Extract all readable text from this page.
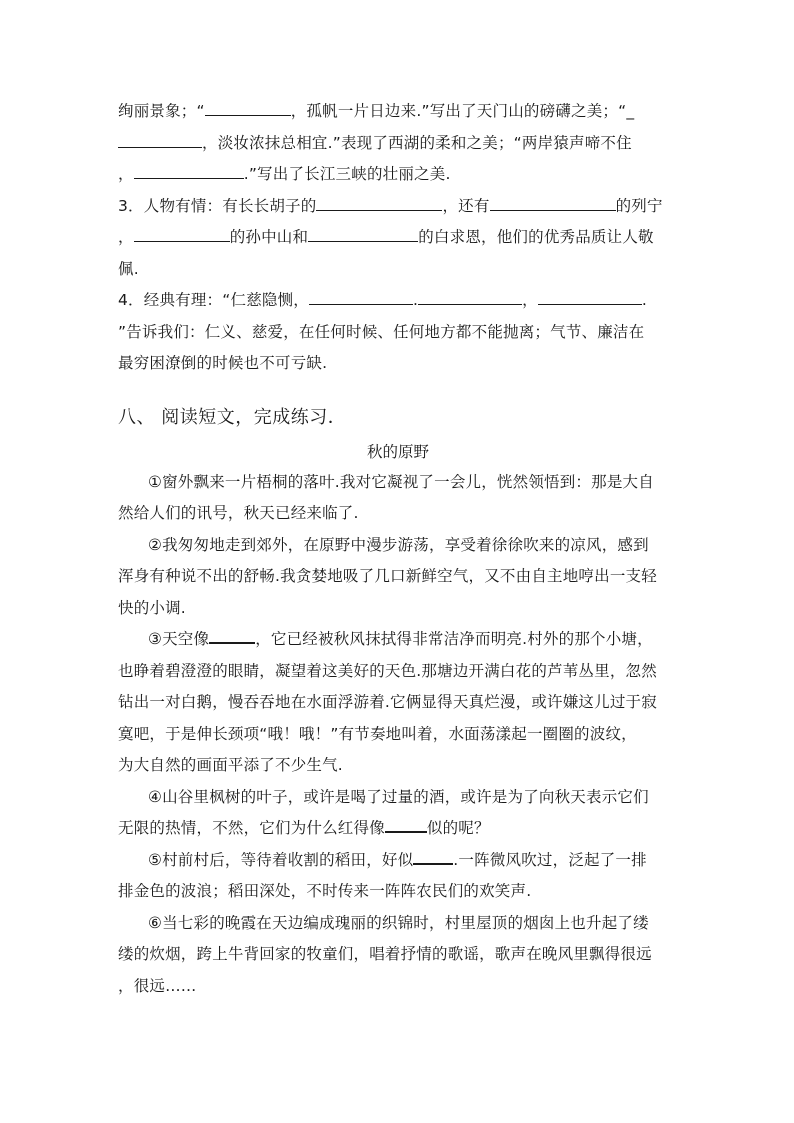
绚丽景象；“	，孤帆一片日边来.”写出了天门山的磅礴之美；“_
，淡妆浓抹总相宜.”表现了西湖的柔和之美；“两岸猿声啼不住
，	.”写出了长江三峡的壮丽之美.
3．人物有情：有长长胡子的	，还有	的列宁
，	的孙中山和	的白求恩，他们的优秀品质让人敬
佩.
4．经典有理：“仁慈隐恻，	.	，	.
”告诉我们：仁义、慈爱，在任何时候、任何地方都不能抛离；气节、廉洁在
最穷困潦倒的时候也不可亏缺.
八、 阅读短文，完成练习．
秋的原野
①窗外飘来一片梧桐的落叶.我对它凝视了一会儿，恍然领悟到：那是大自
然给人们的讯号，秋天已经来临了.
②我匆匆地走到郊外，在原野中漫步游荡，享受着徐徐吹来的凉风，感到
浑身有种说不出的舒畅.我贪婪地吸了几口新鲜空气，又不由自主地哼出一支轻
快的小调.
③天空像	，它已经被秋风抹拭得非常洁净而明亮.村外的那个小塘，
也睁着碧澄澄的眼睛，凝望着这美好的天色.那塘边开满白花的芦苇丛里，忽然
钻出一对白鹅，慢吞吞地在水面浮游着.它俩显得天真烂漫，或许嫌这儿过于寂
寞吧，于是伸长颈项“哦！哦！”有节奏地叫着，水面荡漾起一圈圈的波纹，
为大自然的画面平添了不少生气.
④山谷里枫树的叶子，或许是喝了过量的酒，或许是为了向秋天表示它们
无限的热情，不然，它们为什么红得像	似的呢？
⑤村前村后，等待着收割的稻田，好似	.一阵微风吹过，泛起了一排
排金色的波浪；稻田深处，不时传来一阵阵农民们的欢笑声.
⑥当七彩的晚霞在天边编成瑰丽的织锦时，村里屋顶的烟囱上也升起了缕
缕的炊烟，跨上牛背回家的牧童们，唱着抒情的歌谣，歌声在晚风里飘得很远
，很远……
